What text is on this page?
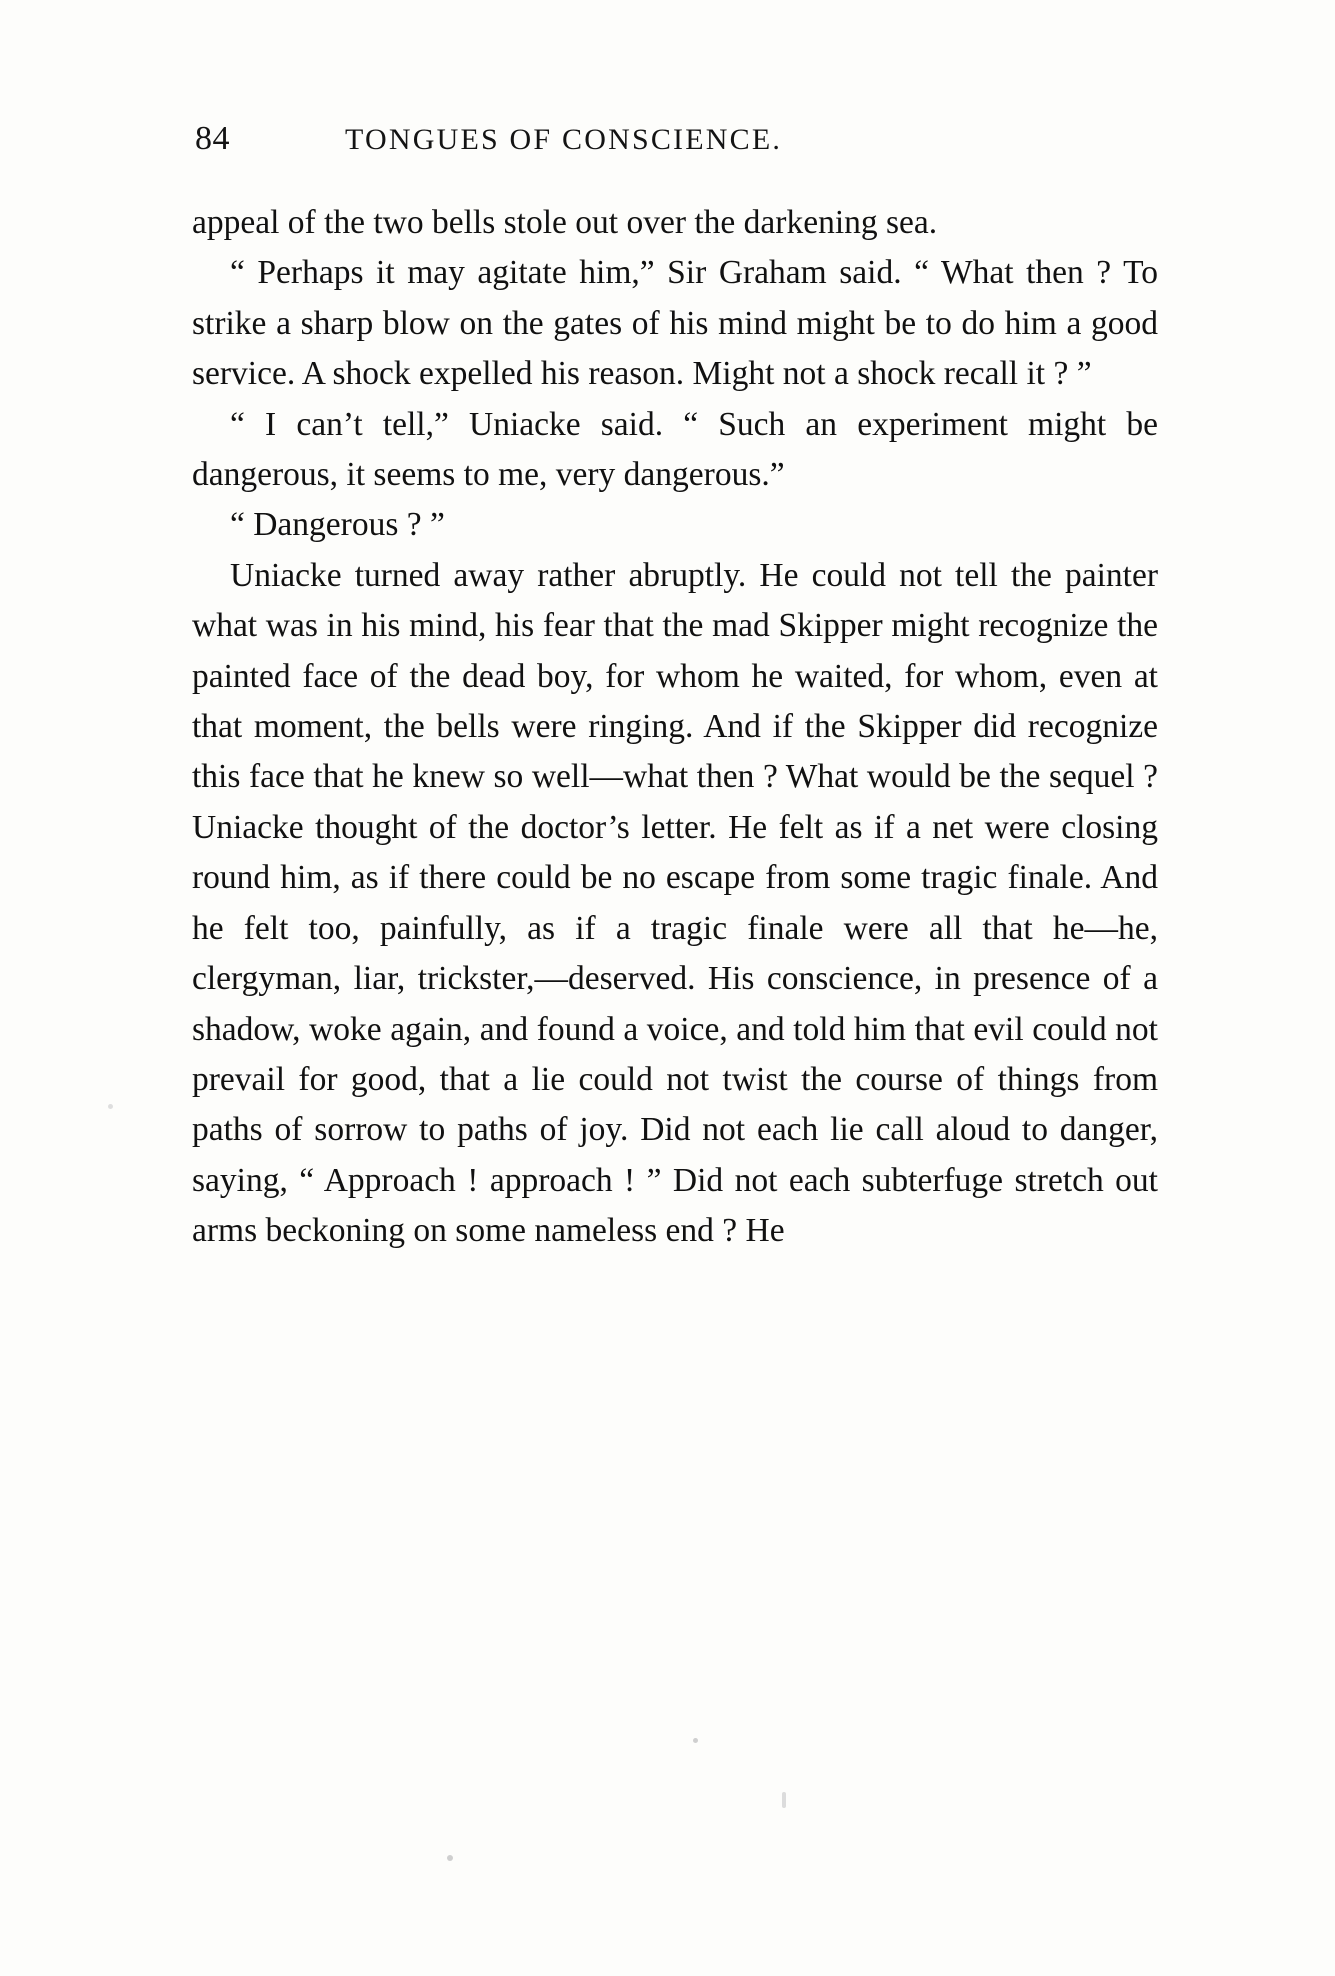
84	TONGUES OF CONSCIENCE.

appeal of the two bells stole out over the darkening sea.

“ Perhaps it may agitate him,” Sir Graham said. “ What then ? To strike a sharp blow on the gates of his mind might be to do him a good service. A shock expelled his reason. Might not a shock recall it ? ”

“ I can’t tell,” Uniacke said. “ Such an experiment might be dangerous, it seems to me, very dangerous.”

“ Dangerous ? ”

Uniacke turned away rather abruptly. He could not tell the painter what was in his mind, his fear that the mad Skipper might recognize the painted face of the dead boy, for whom he waited, for whom, even at that moment, the bells were ringing. And if the Skipper did recognize this face that he knew so well—what then ? What would be the sequel ? Uniacke thought of the doctor’s letter. He felt as if a net were closing round him, as if there could be no escape from some tragic finale. And he felt too, painfully, as if a tragic finale were all that he—he, clergyman, liar, trickster,—deserved. His conscience, in presence of a shadow, woke again, and found a voice, and told him that evil could not prevail for good, that a lie could not twist the course of things from paths of sorrow to paths of joy. Did not each lie call aloud to danger, saying, “ Approach ! approach ! ” Did not each subterfuge stretch out arms beckoning on some nameless end ? He
